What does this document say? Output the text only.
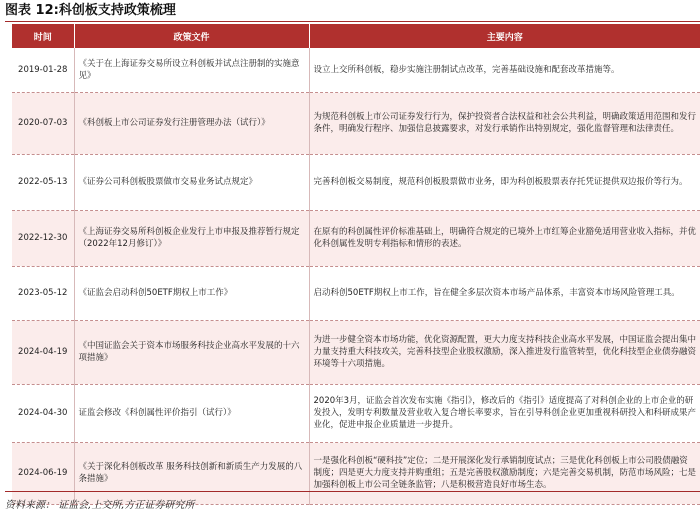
图表 12:科创板支持政策梳理
时间	政策文件	主要内容
2019-01-28	《关于在上海证券交易所设立科创板并试点注册制的实施意见》	设立上交所科创板，稳步实施注册制试点改革，完善基础设施和配套改革措施等。
2020-07-03	《科创板上市公司证券发行注册管理办法（试行）》	为规范科创板上市公司证券发行行为，保护投资者合法权益和社会公共利益，明确政策适用范围和发行条件，明确发行程序、加强信息披露要求，对发行承销作出特别规定，强化监督管理和法律责任。
2022-05-13	《证券公司科创板股票做市交易业务试点规定》	完善科创板交易制度，规范科创板股票做市业务，即为科创板股票表存托凭证提供双边报价等行为。
2022-12-30	《上海证券交易所科创板企业发行上市申报及推荐暂行规定（2022年12月修订）》	在原有的科创属性评价标准基础上，明确符合规定的已境外上市红筹企业豁免适用营业收入指标，并优化科创属性发明专利指标和情形的表述。
2023-05-12	《证监会启动科创50ETF期权上市工作》	启动科创50ETF期权上市工作，旨在健全多层次资本市场产品体系，丰富资本市场风险管理工具。
2024-04-19	《中国证监会关于资本市场服务科技企业高水平发展的十六项措施》	为进一步健全资本市场功能，优化资源配置，更大力度支持科技企业高水平发展，中国证监会提出集中力量支持重大科技攻关，完善科技型企业股权激励，深入推进发行监管转型，优化科技型企业债券融资环境等十六项措施。
2024-04-30	证监会修改《科创属性评价指引（试行）》	2020年3月，证监会首次发布实施《指引》，修改后的《指引》适度提高了对科创企业的上市企业的研发投入，发明专利数量及营业收入复合增长率要求，旨在引导科创企业更加重视科研投入和科研成果产业化，促进申报企业质量进一步提升。
2024-06-19	《关于深化科创板改革 服务科技创新和新质生产力发展的八条措施》	一是强化科创板“硬科技”定位；二是开展深化发行承销制度试点；三是优化科创板上市公司股债融资制度；四是更大力度支持并购重组；五是完善股权激励制度；六是完善交易机制，防范市场风险；七是加强科创板上市公司全链条监管；八是积极营造良好市场生态。
资料来源： 证监会,上交所,方正证券研究所
